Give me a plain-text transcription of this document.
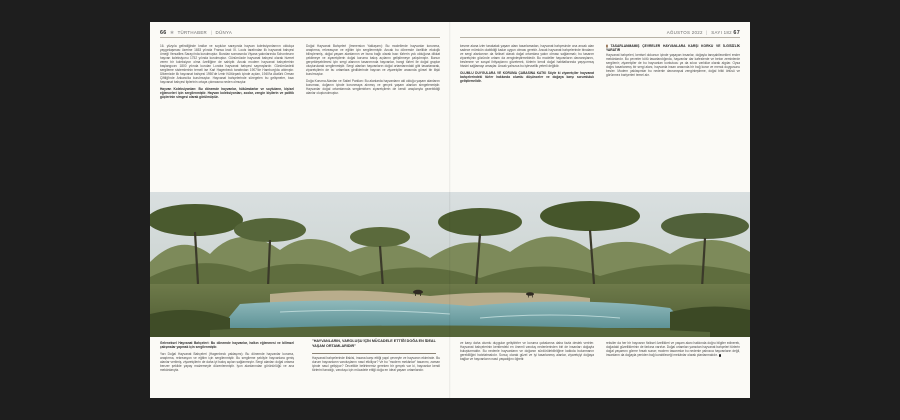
66 ✱ TÜRTHABER | DÜNYA	AĞUSTOS 2022 | SAYI 182 67

16. yüzyıla gelindiğinde krallar ve soylular sarayında hayvan koleksiyonlarının oldukça yaygınlaşması üzerine 1653 yılında Fransa kralı XI. Louis tarafından ilk hayvanat bahçesi örneği Versailles Sarayı'nda kurulmuştur. Bundan sonrasında Viyana yakınlarında Schonbrunn hayvan koleksiyonu 1752 yılında kurulmuştur. Günümüzde hayvanat bahçesi olarak hizmet veren bir koleksiyon olma özelliğine de sahiptir. Ancak modern hayvanat bahçelerinin başlangıcını 1800 yılında kurulan Londra hayvanat bahçesi saymışlardır. Günümüzdeki sergileme sistemlerinin temeli ise Karl Hagenbeck tarafından 1907'de Hamburg'da atılmıştır. Ülkemizde ilk hayvanat bahçesi 1950'de İzmir Kültürpark içinde açılan, 1940'ta Atatürk Orman Çiftliği'nde Ankara'da kurulmuştur. Hayvanat bahçelerinde süregelen bu gelişmeler, bazı hayvanat bahçesi tiplerinin ortaya çıkmasına neden olmuştur.

Hayvan Koleksiyonları: Bu dönemde hayvanlar, hükümdarlar ve soyluların, kişisel eğlenceleri için sergilenmiştir. Hayvan koleksiyonları, zoolar, zengin kişilerin ve politik güçlerinin simgesi olarak görülmüştür.

Doğal Hayvanat Bahçeleri (Immersion Yaklaşımı): Bu modellerde hayvanlar korunma, araştırma, rekreasyon ve eğitim için sergilenmiştir. Ancak bu dönemde özellikle ekolojik bilinçlenmiş, doğal yaşam alanlarının ve buna bağlı olarak bazı türlerin yok olduğuna dikkat çekilmeye ve ziyaretçilerin doğal koruma bakış açılarını geliştirmeye çalışılmıştır. Bunun gerçekleşebilmesi için sergi alanının tasarımında hayvanlar, hangi türleri ile doğal gruplar oluşturularak sergilenmiştir. Sergi alanları hayvanların doğal ortamlarındaki gibi tasarlanarak, ziyaretçilerin de bu ortamlara girdiklerinde hayvan ve ziyaretçiler arasında görsel bir ilişki kurulmuştur.

Doğa Koruma Alanları ve Safari Parkları: Bu alanlarda hayvanların akl olduğu yaşam alanlarını koruması, doğanın içinde korunmaya alınmış ve gerçek yaşam alanları simgelenmiştir. Hayvanlar doğal ortamlarında sergilenirken ziyaretçilerin de kendi araçlarıyla gezebildiği alanlar oluşturulmuştur.

kesme alana izler tarakatak yaşam alanı tasarlamadan, hayvanat bahçesinde ona ancak alan sadece mümkün olabildiği kadar uygun olması gerekir. Ancak hayvanat bahçelerinde binaların ve sergi alanlarının da fiziksel olarak doğal ortamlara yakın olması sağlanmalı; bu tasarım ziyaretçinin gözünde ortamı da zenginleştirmektedir. Bu modeller hayvanların davranışlarını, beslenme ve sosyal ihtiyaçlarını gözeterek, türlerin kendi doğal habitatlarında yaşıyormuş hissini sağlamayı amaçlar. Ancak yalnızca bu işlevsellik yeterli değildir.

OLUMLU DUYGULARA VE KORUMA ÇABASINA KATKI Söyle ki ziyaretçiler hayvanat bahçelerindeki türler hakkında olumlu düşünceler ve doğaya karşı sorumluluk geliştirmelidir.

▮ TASARLANMAMIŞ ÇEVRELER HAYVANLARA KARŞI KORKU VE İLGİSİZLİK YARATIR

Hayvanat bahçeleri, kentsel dokunun içinde yaşayan insanlar, doğayla tanışabilecekleri ender mekânlardır. Bu çevreler kötü tasarlandığında, hayvanlar dar kafeslerde ve beton zeminlerde sergilenir; ziyaretçiler de bu hayvanları korkutucu ya da sıkıcı varlıklar olarak algılar. Oysa doğru tasarlanmış bir sergi alanı, hayvanla insan arasında bir bağ kurar ve merak duygusunu besler. Modern yaklaşımlar bu nedenle davranışsal zenginleştirme, doğal bitki örtüsü ve görünmez bariyerleri temel alır.

Geleneksel Hayvanat Bahçeleri: Bu dönemde hayvanlar, halkın eğlenmesi ve bilimsel çalışmalar yapmak için sergilenmiştir.

Yarı Doğal Hayvanat Bahçeleri (Hagenbeck yaklaşımı): Bu dönemde hayvanlar koruma, araştırma, rekreasyon ve eğitim için sergilenmiştir. Bu sergileme şekliyle hayvanlara geniş alanlar verilmiş, ziyaretçilerin de daha iyi bakış açıları sağlanmıştır. Sergi alanları doğal ortama benzer şekilde yapay malzemeyle düzenlenmiştir. İyon alanlarından görünürlüğü ve ana mekânlarıyla.

"HAYVANLARIN, VAROLUŞU İÇİN MÜCADELE ETTİĞİ DOĞA EN İDEAL YAŞAM ORTAMLARIDIR"

Hayvanat bahçelerinde iliskisi, insana karşı ettiği yapıl çevreyle ve hayvanın ekiminde. Bu durum hayvanların varoluşlarını nasıl etkiliyor? Ve bu "modern mekânlar" tasarımı, zaman içinde nasıl gelişiyor? Öncelikle belirtmemiz gereken bir gerçek var ki, hayvanlar kendi türlerini tanıdığı, varoluşu için mücadele ettiği doğa en ideal yaşam ortamlarıdır.

ve karşı daha olumlu duygular geliştirirler ve koruma çabalarına daha fazla destek verirler. Hayvanat bahçelerinin kentlerdeki en önemli varoluş nedenlerinden biri de insanları doğayla buluşturmaktır. Bu nedenle hayvanların ve doğanın sürdürülebilirliğine katkıda bulunmanın gerekliliğini hatırlatmalıdır. Sonuç olarak güzel ve iyi tasarlanmış alanlar, ziyaretçiyi doğaya bağlar ve hayvanların nasıl yaşadığını öğretir.

reksiler da her bir hayvanın fiziksel özellikleri ve yaşam alanı hakkında doğru bilgiler edinerek, doğadaki güzelliklerinin de farkına varırlar. Doğal ortamları yansıtan hayvanat bahçeleri türlerin doğal yaşamını görme fırsatı sunar; modern tasarımlar bu nedenle yalnızca hayvanların değil, insanların da doğayla yeniden bağ kurabileceği mekânlar olarak planlanmalıdır.
